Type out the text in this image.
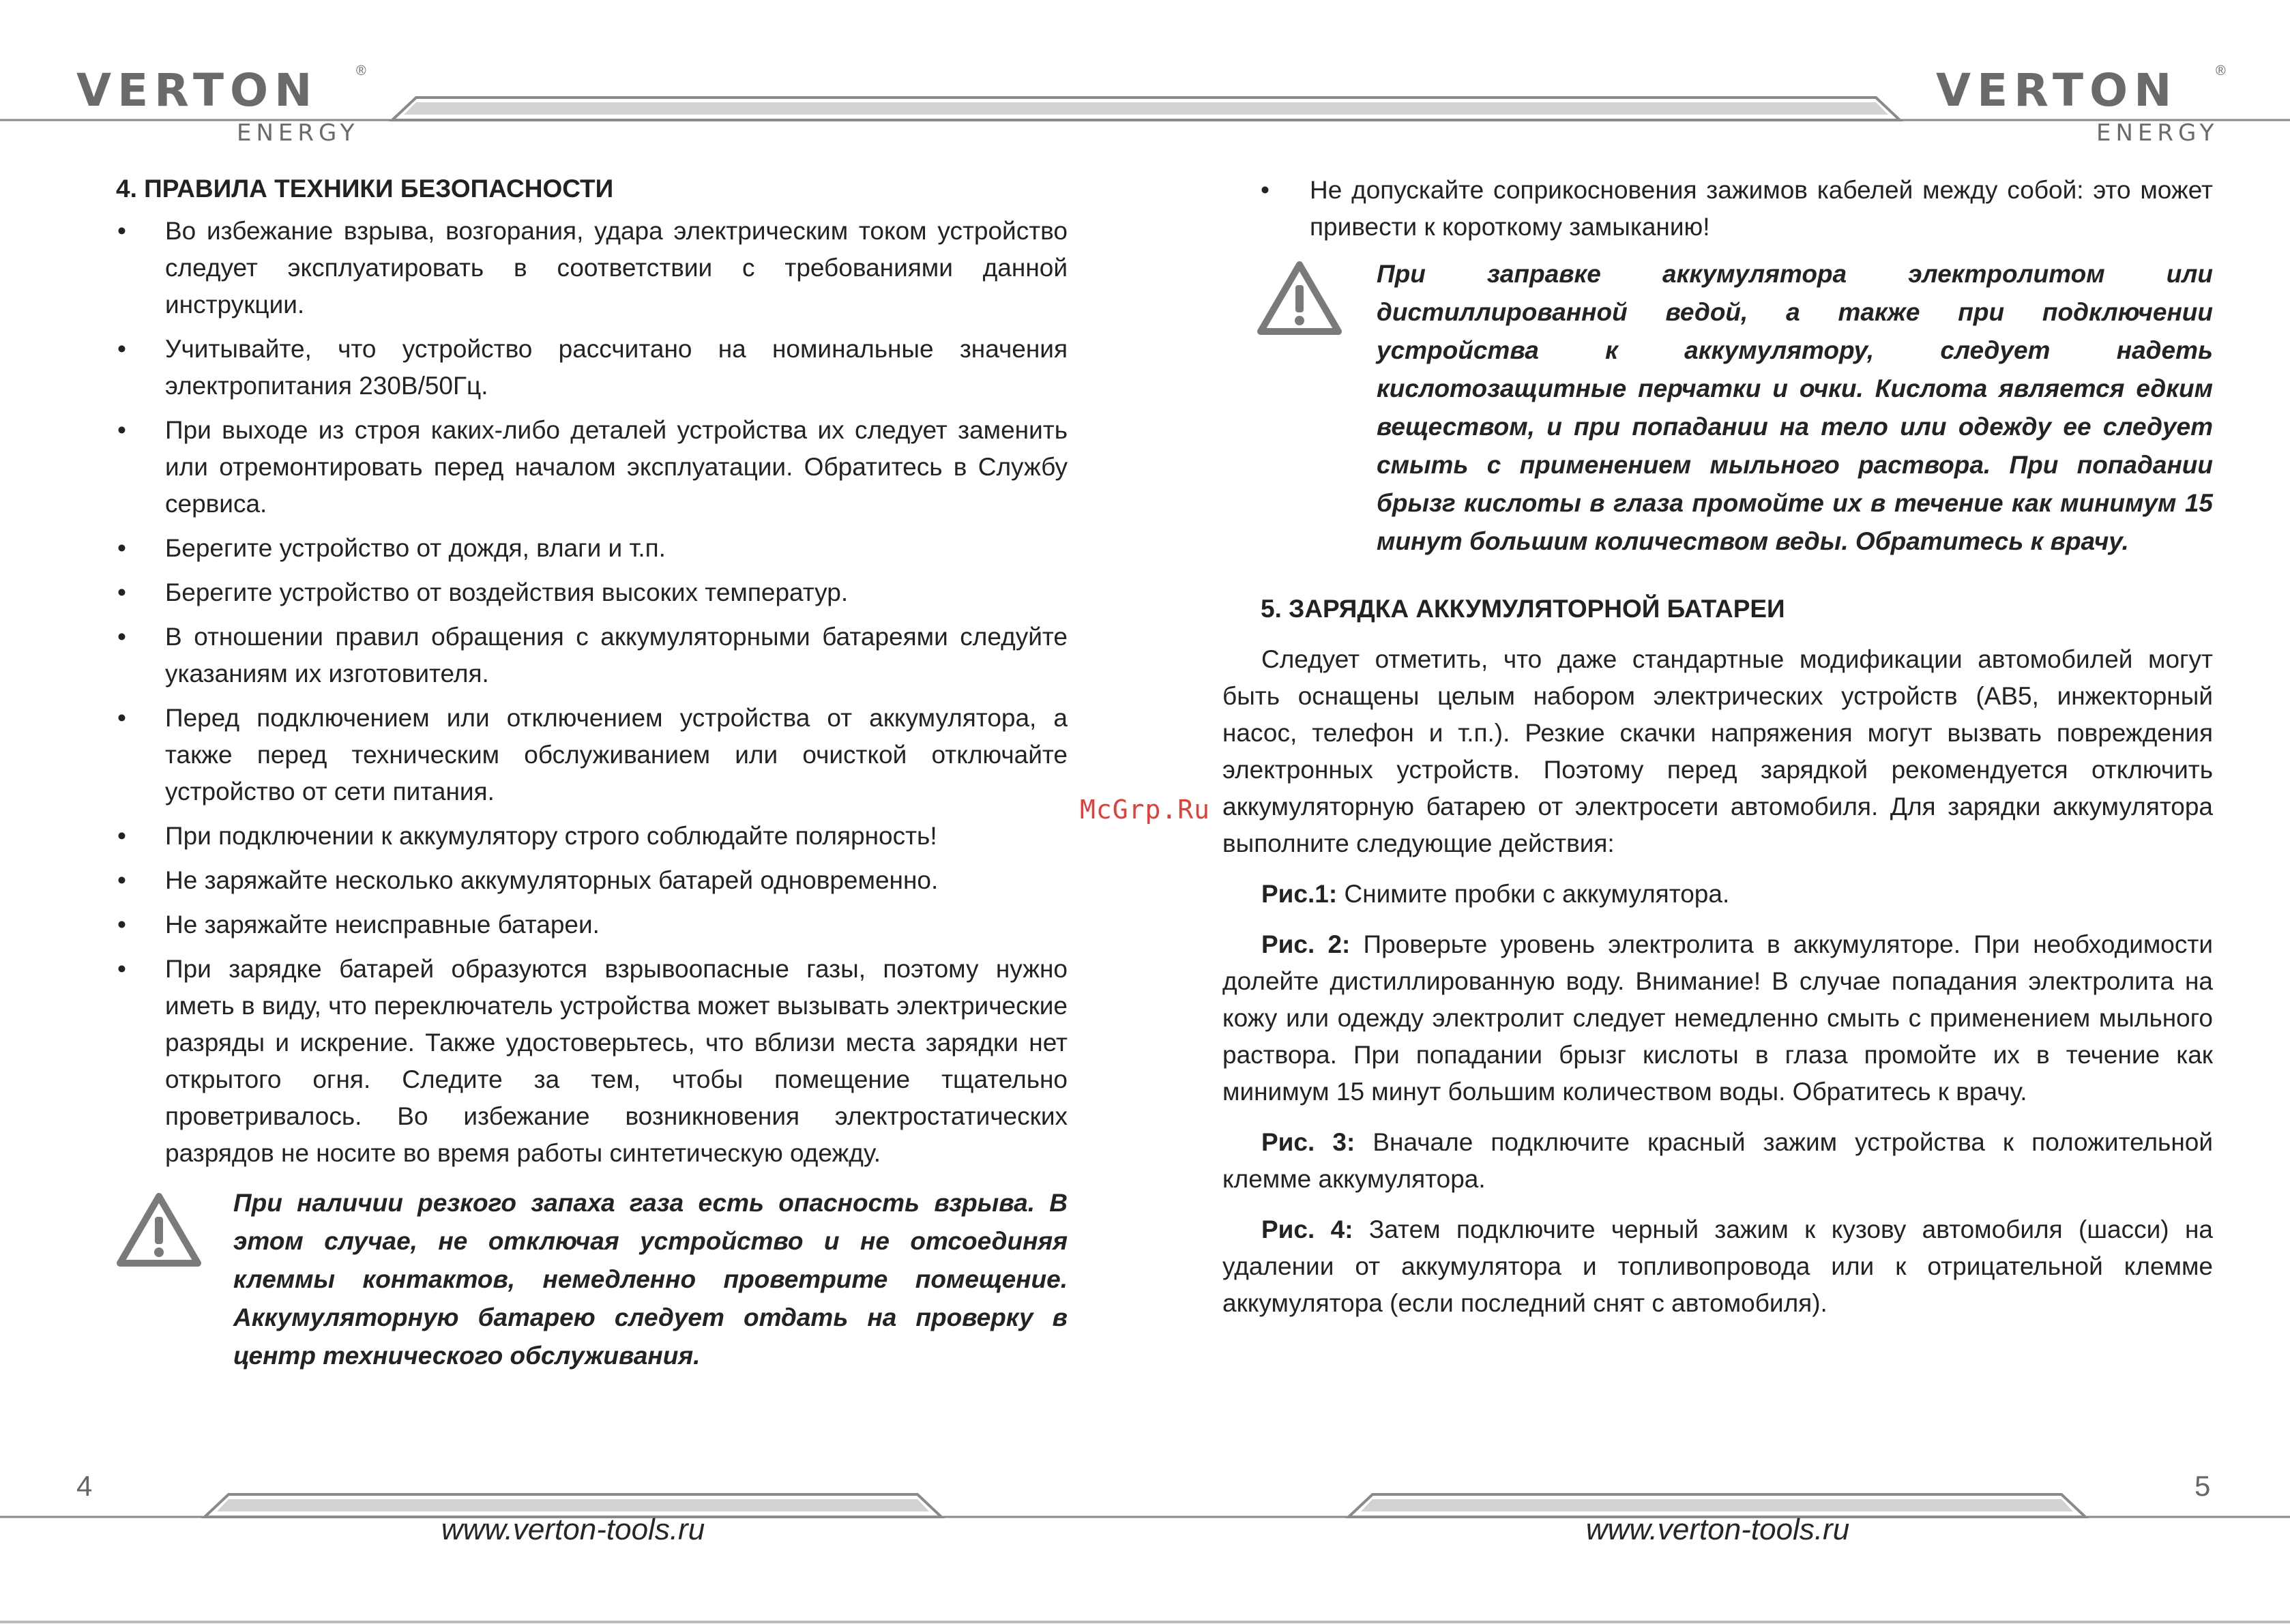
VERTON	®
ENERGY
VERTON	®
ENERGY
4. ПРАВИЛА ТЕХНИКИ БЕЗОПАСНОСТИ
• Во избежание взрыва, возгорания, удара электрическим током устройство следует эксплуатировать в соответствии с требованиями данной инструкции.
• Учитывайте, что устройство рассчитано на номинальные значения электропитания 230В/50Гц.
• При выходе из строя каких-либо деталей устройства их следует заменить или отремонтировать перед началом эксплуатации. Обратитесь в Службу сервиса.
• Берегите устройство от дождя, влаги и т.п.
• Берегите устройство от воздействия высоких температур.
• В отношении правил обращения с аккумуляторными батареями следуйте указаниям их изготовителя.
• Перед подключением или отключением устройства от аккумулятора, а также перед техническим обслуживанием или очисткой отключайте устройство от сети питания.
• При подключении к аккумулятору строго соблюдайте полярность!
• Не заряжайте несколько аккумуляторных батарей одновременно.
• Не заряжайте неисправные батареи.
• При зарядке батарей образуются взрывоопасные газы, поэтому нужно иметь в виду, что переключатель устройства может вызывать электрические разряды и искрение. Также удостоверьтесь, что вблизи места зарядки нет открытого огня. Следите за тем, чтобы помещение тщательно проветривалось. Во избежание возникновения электростатических разрядов не носите во время работы синтетическую одежду.
При наличии резкого запаха газа есть опасность взрыва. В этом случае, не отключая устройство и не отсоединяя клеммы контактов, немедленно проветрите помещение. Аккумуляторную батарею следует отдать на проверку в центр технического обслуживания.
• Не допускайте соприкосновения зажимов кабелей между собой: это может привести к короткому замыканию!
При заправке аккумулятора электролитом или дистиллированной ведой, а также при подключении устройства к аккумулятору, следует надеть кислотозащитные перчатки и очки. Кислота является едким веществом, и при попадании на тело или одежду ее следует смыть с применением мыльного раствора. При попадании брызг кислоты в глаза промойте их в течение как минимум 15 минут большим количеством веды. Обратитесь к врачу.
5. ЗАРЯДКА АККУМУЛЯТОРНОЙ БАТАРЕИ

Следует отметить, что даже стандартные модификации автомобилей могут быть оснащены целым набором электрических устройств (АВ5, инжекторный насос, телефон и т.п.). Резкие скачки напряжения могут вызвать повреждения электронных устройств. Поэтому перед зарядкой рекомендуется отключить аккумуляторную батарею от электросети автомобиля. Для зарядки аккумулятора выполните следующие действия:

Рис.1: Снимите пробки с аккумулятора.

Рис. 2: Проверьте уровень электролита в аккумуляторе. При необходимости долейте дистиллированную воду. Внимание! В случае попадания электролита на кожу или одежду электролит следует немедленно смыть с применением мыльного раствора. При попадании брызг кислоты в глаза промойте их в течение как минимум 15 минут большим количеством воды. Обратитесь к врачу.

Рис. 3: Вначале подключите красный зажим устройства к положительной клемме аккумулятора.

Рис. 4: Затем подключите черный зажим к кузову автомобиля (шасси) на удалении от аккумулятора и топливопровода или к отрицательной клемме аккумулятора (если последний снят с автомобиля).

McGrp.Ru
4	5
www.verton-tools.ru	www.verton-tools.ru
